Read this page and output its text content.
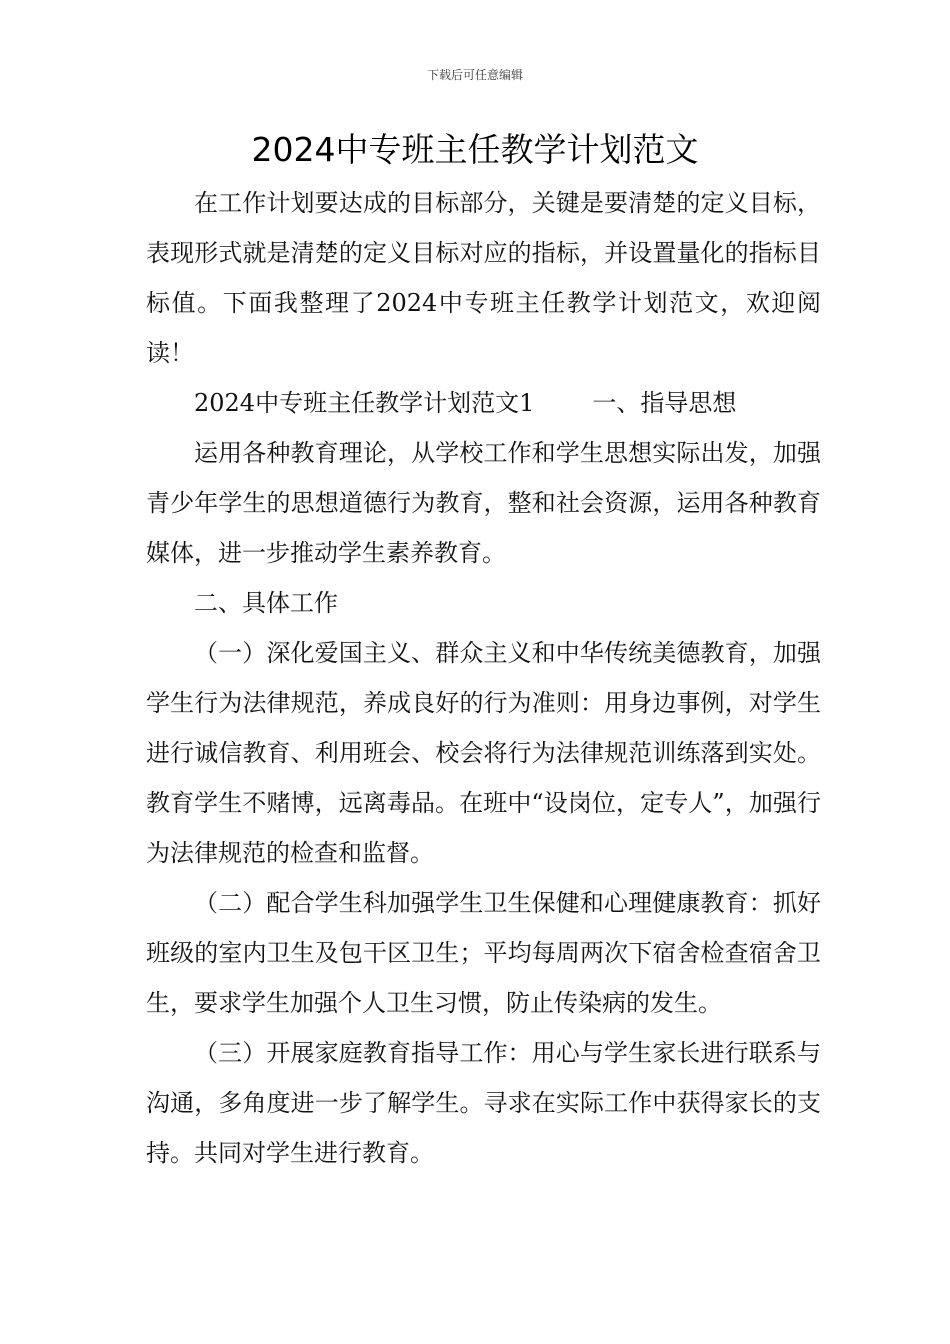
下载后可任意编辑
2024中专班主任教学计划范文

在工作计划要达成的目标部分，关键是要清楚的定义目标，表现形式就是清楚的定义目标对应的指标，并设置量化的指标目标值。下面我整理了2024中专班主任教学计划范文，欢迎阅读！

2024中专班主任教学计划范文1 一、指导思想

运用各种教育理论，从学校工作和学生思想实际出发，加强青少年学生的思想道德行为教育，整和社会资源，运用各种教育媒体，进一步推动学生素养教育。

二、具体工作

（一）深化爱国主义、群众主义和中华传统美德教育，加强学生行为法律规范，养成良好的行为准则：用身边事例，对学生进行诚信教育、利用班会、校会将行为法律规范训练落到实处。教育学生不赌博，远离毒品。在班中“设岗位，定专人”，加强行为法律规范的检查和监督。

（二）配合学生科加强学生卫生保健和心理健康教育：抓好班级的室内卫生及包干区卫生；平均每周两次下宿舍检查宿舍卫生，要求学生加强个人卫生习惯，防止传染病的发生。

（三）开展家庭教育指导工作：用心与学生家长进行联系与沟通，多角度进一步了解学生。寻求在实际工作中获得家长的支持。共同对学生进行教育。
